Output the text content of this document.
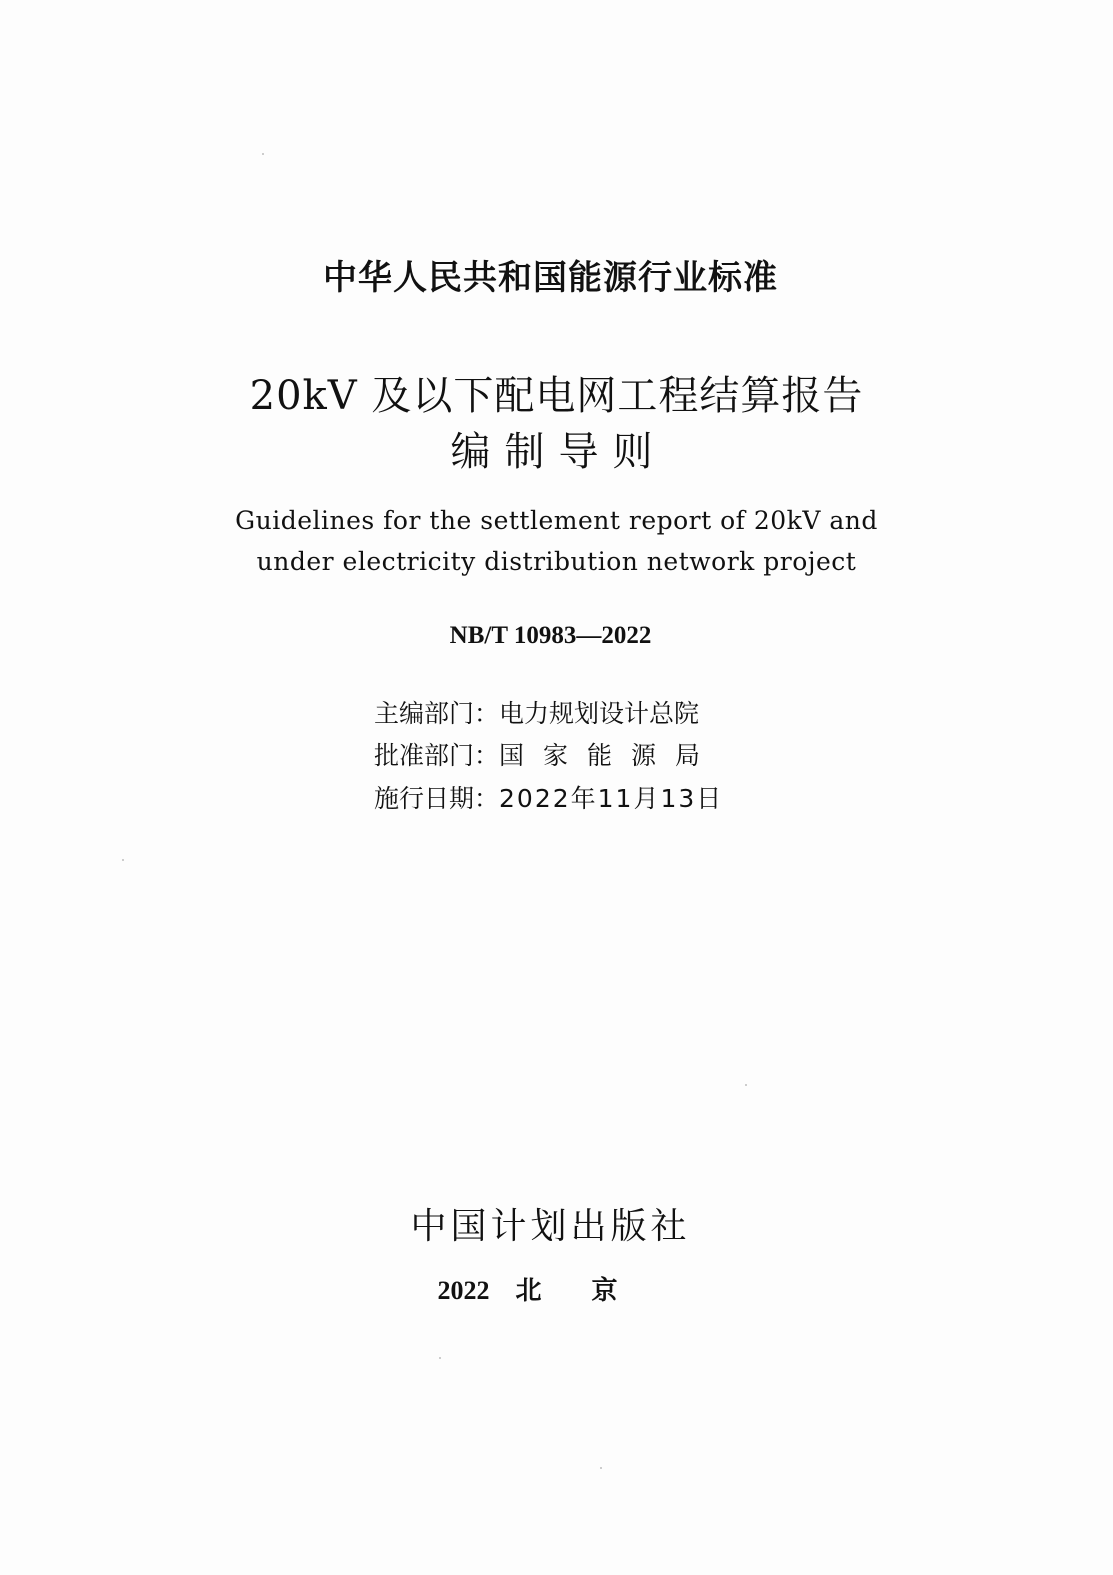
中华人民共和国能源行业标准
20kV 及以下配电网工程结算报告
编制导则
Guidelines for the settlement report of 20kV and
under electricity distribution network project
NB/T 10983—2022
主编部门：电力规划设计总院
批准部门：国家能源局
施行日期：2022年11月13日
中国计划出版社
2022 北京
